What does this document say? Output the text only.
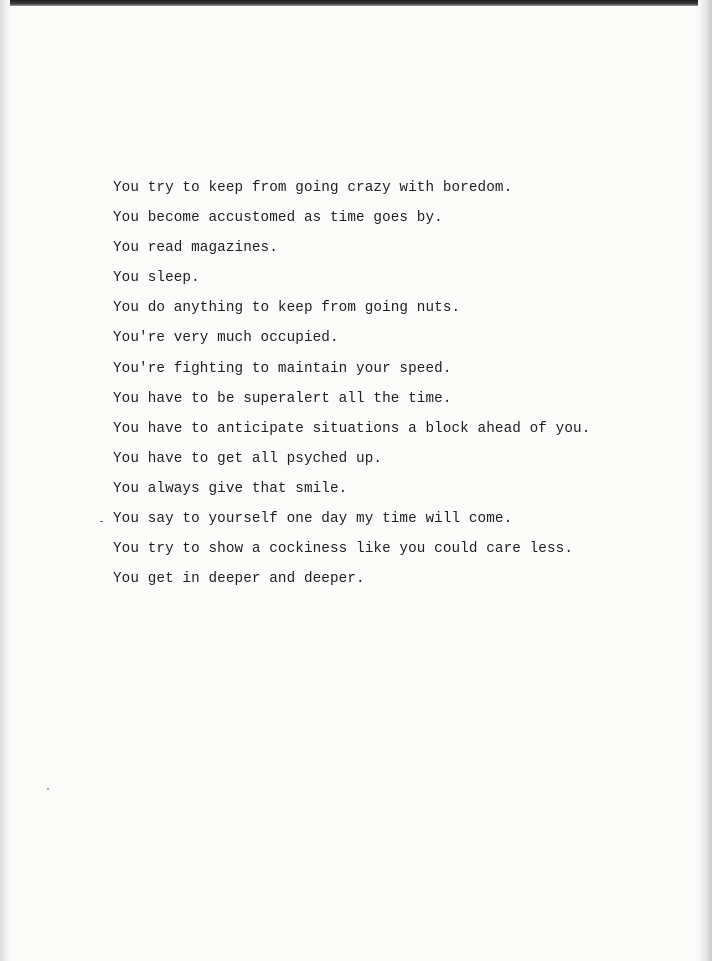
You try to keep from going crazy with boredom.
You become accustomed as time goes by.
You read magazines.
You sleep.
You do anything to keep from going nuts.
You're very much occupied.
You're fighting to maintain your speed.
You have to be superalert all the time.
You have to anticipate situations a block ahead of you.
You have to get all psyched up.
You always give that smile.
You say to yourself one day my time will come.
You try to show a cockiness like you could care less.
You get in deeper and deeper.
